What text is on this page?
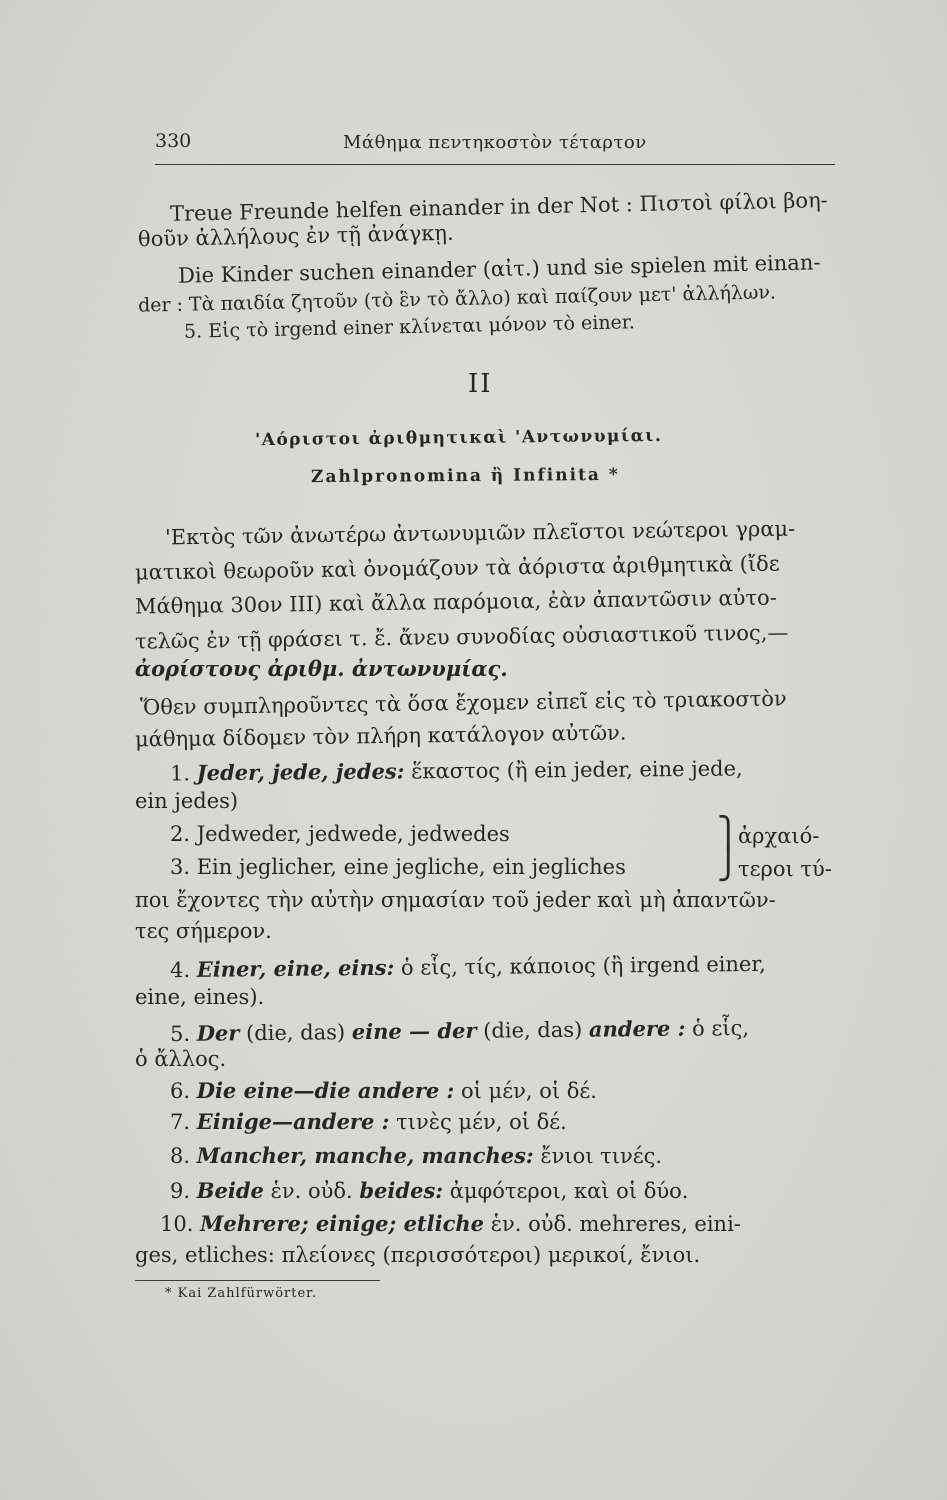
330	Μάθημα πεντηκοστὸν τέταρτον
Treue Freunde helfen einander in der Not : Πιστοὶ φίλοι βοη-
θοῦν ἀλλήλους ἐν τῇ ἀνάγκῃ.
Die Kinder suchen einander (αἰτ.) und sie spielen mit einan-
der : Τὰ παιδία ζητοῦν (τὸ ἓν τὸ ἄλλο) καὶ παίζουν μετ' ἀλλήλων.
5. Εἰς τὸ irgend einer κλίνεται μόνον τὸ einer.
II
'Αόριστοι ἀριθμητικαὶ 'Αντωνυμίαι.
Zahlpronomina ἢ Infinita *
'Εκτὸς τῶν ἀνωτέρω ἀντωνυμιῶν πλεῖστοι νεώτεροι γραμ-
ματικοὶ θεωροῦν καὶ ὀνομάζουν τὰ ἀόριστα ἀριθμητικὰ (ἴδε
Μάθημα 30ον III) καὶ ἄλλα παρόμοια, ἐὰν ἀπαντῶσιν αὐτο-
τελῶς ἐν τῇ φράσει τ. ἔ. ἄνευ συνοδίας οὐσιαστικοῦ τινος,—
ἀορίστους ἀριθμ. ἀντωνυμίας.
Ὅθεν συμπληροῦντες τὰ ὅσα ἔχομεν εἰπεῖ εἰς τὸ τριακοστὸν
μάθημα δίδομεν τὸν πλήρη κατάλογον αὐτῶν.
1. Jeder, jede, jedes: ἕκαστος (ἢ ein jeder, eine jede,
ein jedes)
2. Jedweder, jedwede, jedwedes	⎫
ἀρχαιό-
3. Ein jeglicher, eine jegliche, ein jegliches	⎭
τεροι τύ-
ποι ἔχοντες τὴν αὐτὴν σημασίαν τοῦ jeder καὶ μὴ ἀπαντῶν-
τες σήμερον.
4. Einer, eine, eins: ὁ εἷς, τίς, κάποιος (ἢ irgend einer,
eine, eines).
5. Der (die, das) eine — der (die, das) andere : ὁ εἷς,
ὁ ἄλλος.
6. Die eine—die andere : οἱ μέν, οἱ δέ.
7. Einige—andere : τινὲς μέν, οἱ δέ.
8. Mancher, manche, manches: ἔνιοι τινές.
9. Beide ἑν. οὐδ. beides: ἀμφότεροι, καὶ οἱ δύο.
10. Mehrere; einige; etliche ἑν. οὐδ. mehreres, eini-
ges, etliches: πλείονες (περισσότεροι) μερικοί, ἔνιοι.
* Kai Zahlfürwörter.
